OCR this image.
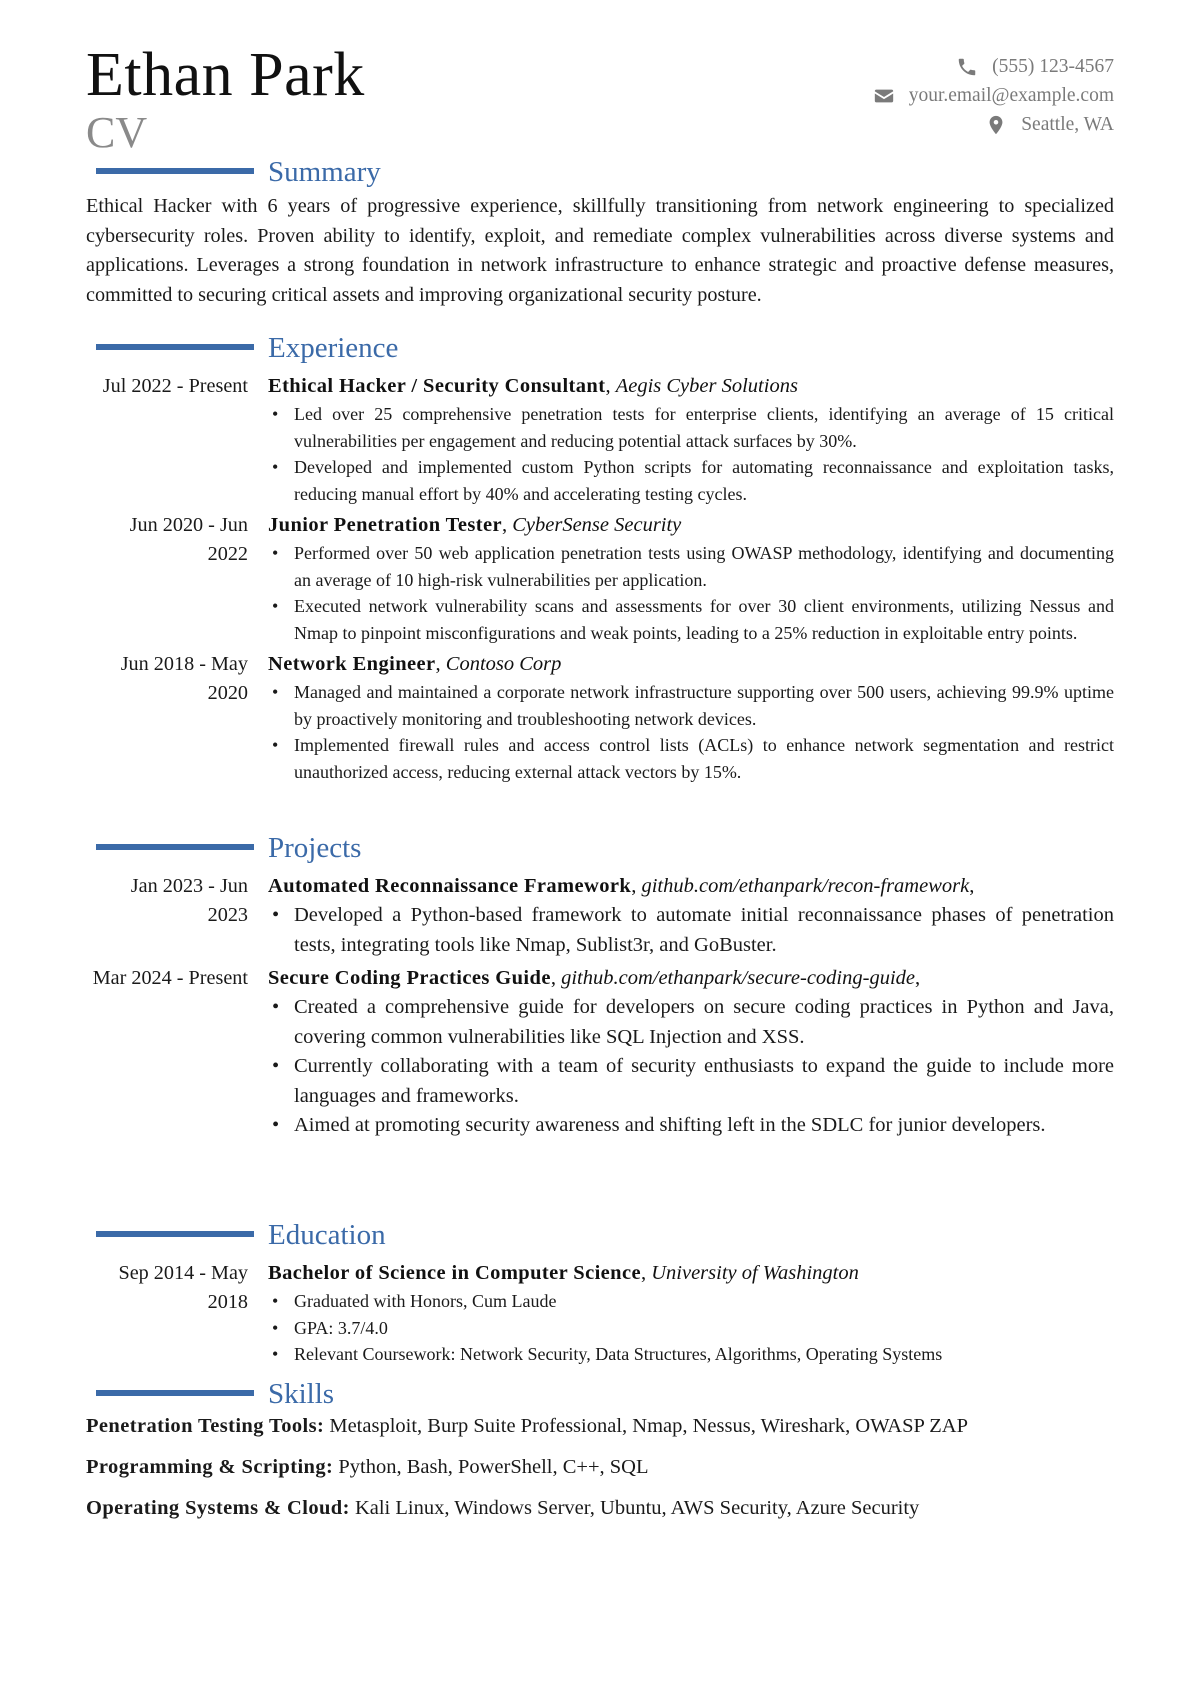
Ethan Park
CV
(555) 123-4567
your.email@example.com
Seattle, WA
Summary

Ethical Hacker with 6 years of progressive experience, skillfully transitioning from network engineering to specialized cybersecurity roles. Proven ability to identify, exploit, and remediate complex vulnerabilities across diverse systems and applications. Leverages a strong foundation in network infrastructure to enhance strategic and proactive defense measures, committed to securing critical assets and improving organizational security posture.

Experience
Jul 2022 - Present Ethical Hacker / Security Consultant, Aegis Cyber Solutions
• Led over 25 comprehensive penetration tests for enterprise clients, identifying an average of 15 critical vulnerabilities per engagement and reducing potential attack surfaces by 30%.
• Developed and implemented custom Python scripts for automating reconnaissance and exploitation tasks, reducing manual effort by 40% and accelerating testing cycles.
Jun 2020 - Jun 2022
Junior Penetration Tester, CyberSense Security
• Performed over 50 web application penetration tests using OWASP methodology, identifying and documenting an average of 10 high-risk vulnerabilities per application.
• Executed network vulnerability scans and assessments for over 30 client environments, utilizing Nessus and Nmap to pinpoint misconfigurations and weak points, leading to a 25% reduction in exploitable entry points.
Jun 2018 - May 2020
Network Engineer, Contoso Corp
• Managed and maintained a corporate network infrastructure supporting over 500 users, achieving 99.9% uptime by proactively monitoring and troubleshooting network devices.
• Implemented firewall rules and access control lists (ACLs) to enhance network segmentation and restrict unauthorized access, reducing external attack vectors by 15%.
Projects
Jan 2023 - Jun 2023
Automated Reconnaissance Framework, github.com/ethanpark/recon-framework,
• Developed a Python-based framework to automate initial reconnaissance phases of penetration tests, integrating tools like Nmap, Sublist3r, and GoBuster.
Mar 2024 - Present Secure Coding Practices Guide, github.com/ethanpark/secure-coding-guide,
• Created a comprehensive guide for developers on secure coding practices in Python and Java, covering common vulnerabilities like SQL Injection and XSS.
• Currently collaborating with a team of security enthusiasts to expand the guide to include more languages and frameworks.
• Aimed at promoting security awareness and shifting left in the SDLC for junior developers.
Education
Sep 2014 - May 2018
Bachelor of Science in Computer Science, University of Washington
• Graduated with Honors, Cum Laude
• GPA: 3.7/4.0
• Relevant Coursework: Network Security, Data Structures, Algorithms, Operating Systems
Skills
Penetration Testing Tools: Metasploit, Burp Suite Professional, Nmap, Nessus, Wireshark, OWASP ZAP
Programming & Scripting: Python, Bash, PowerShell, C++, SQL
Operating Systems & Cloud: Kali Linux, Windows Server, Ubuntu, AWS Security, Azure Security
